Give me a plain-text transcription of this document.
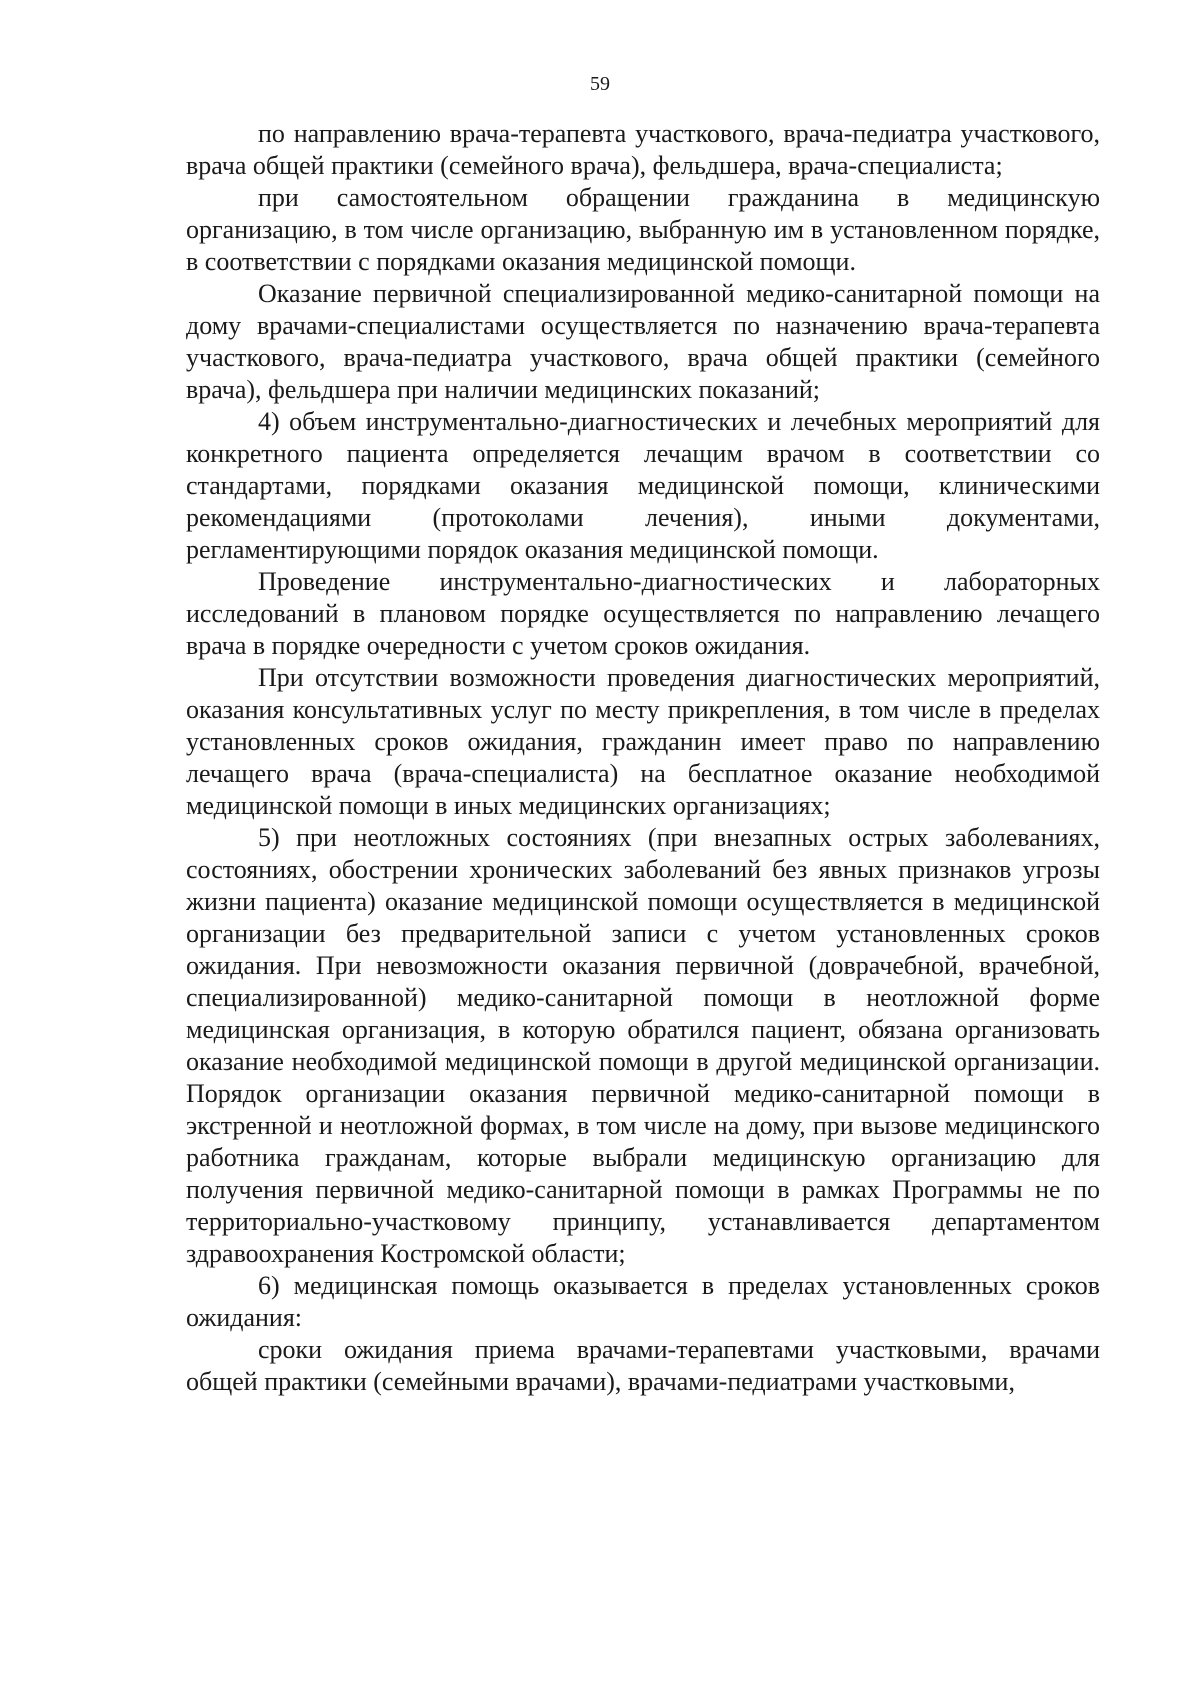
59

по направлению врача-терапевта участкового, врача-педиатра участкового, врача общей практики (семейного врача), фельдшера, врача-специалиста;

при самостоятельном обращении гражданина в медицинскую организацию, в том числе организацию, выбранную им в установленном порядке, в соответствии с порядками оказания медицинской помощи.

Оказание первичной специализированной медико-санитарной помощи на дому врачами-специалистами осуществляется по назначению врача-терапевта участкового, врача-педиатра участкового, врача общей практики (семейного врача), фельдшера при наличии медицинских показаний;

4) объем инструментально-диагностических и лечебных мероприятий для конкретного пациента определяется лечащим врачом в соответствии со стандартами, порядками оказания медицинской помощи, клиническими рекомендациями (протоколами лечения), иными документами, регламентирующими порядок оказания медицинской помощи.

Проведение инструментально-диагностических и лабораторных исследований в плановом порядке осуществляется по направлению лечащего врача в порядке очередности с учетом сроков ожидания.

При отсутствии возможности проведения диагностических мероприятий, оказания консультативных услуг по месту прикрепления, в том числе в пределах установленных сроков ожидания, гражданин имеет право по направлению лечащего врача (врача-специалиста) на бесплатное оказание необходимой медицинской помощи в иных медицинских организациях;

5) при неотложных состояниях (при внезапных острых заболеваниях, состояниях, обострении хронических заболеваний без явных признаков угрозы жизни пациента) оказание медицинской помощи осуществляется в медицинской организации без предварительной записи с учетом установленных сроков ожидания. При невозможности оказания первичной (доврачебной, врачебной, специализированной) медико-санитарной помощи в неотложной форме медицинская организация, в которую обратился пациент, обязана организовать оказание необходимой медицинской помощи в другой медицинской организации. Порядок организации оказания первичной медико-санитарной помощи в экстренной и неотложной формах, в том числе на дому, при вызове медицинского работника гражданам, которые выбрали медицинскую организацию для получения первичной медико-санитарной помощи в рамках Программы не по территориально-участковому принципу, устанавливается департаментом здравоохранения Костромской области;

6) медицинская помощь оказывается в пределах установленных сроков ожидания:

сроки ожидания приема врачами-терапевтами участковыми, врачами общей практики (семейными врачами), врачами-педиатрами участковыми,
